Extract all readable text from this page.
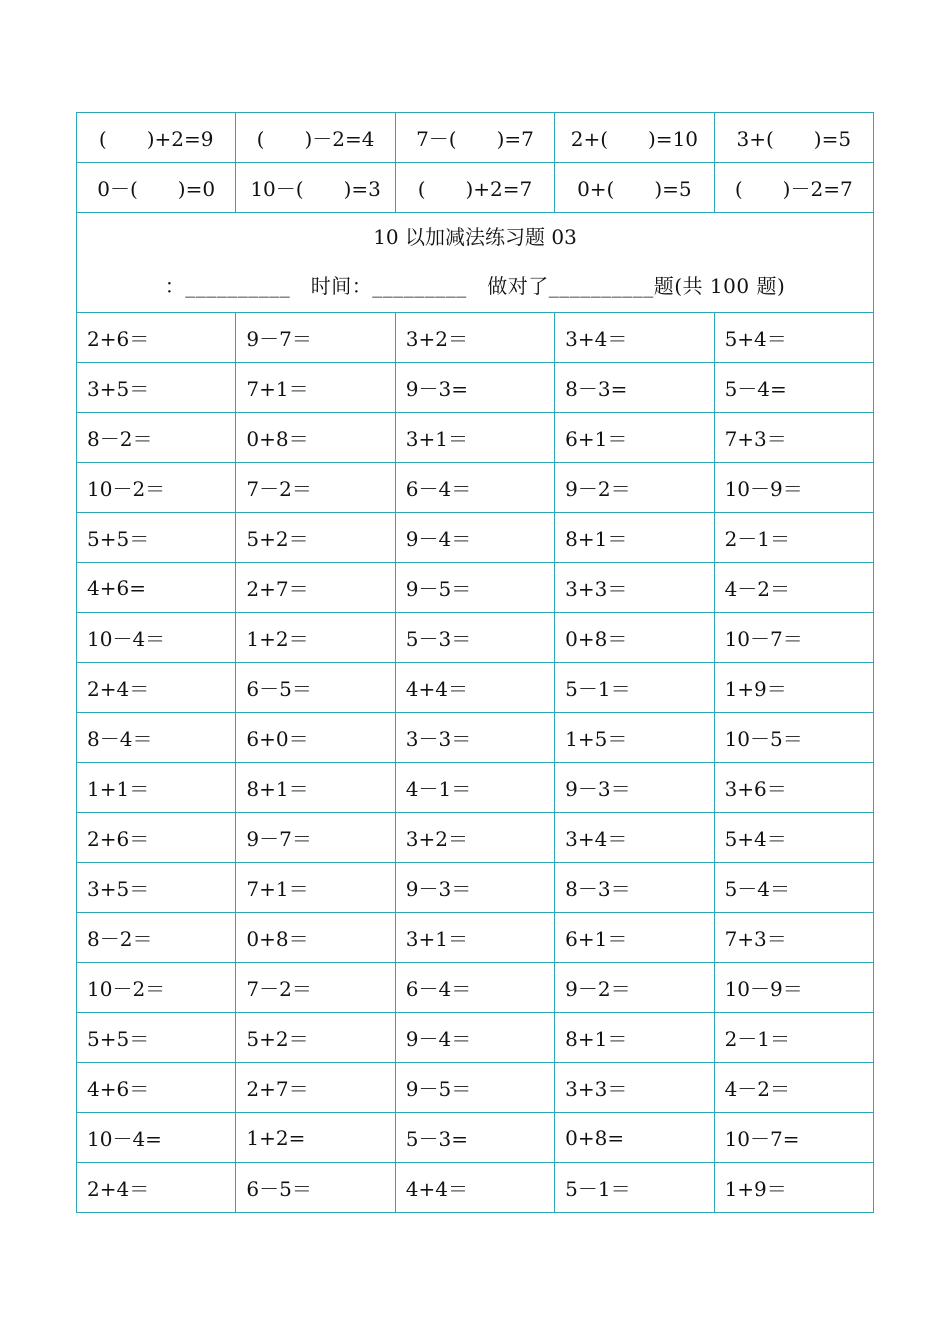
(　　)+2=9	(　　)－2=4	7－(　　)=7	2+(　　)=10	3+(　　)=5
0－(　　)=0	10－(　　)=3	(　　)+2=7	0+(　　)=5	(　　)－2=7

10 以加减法练习题 03
：__________　时间：_________　做对了__________题(共 100 题)				

2+6＝	9－7＝	3+2＝	3+4＝	5+4＝
3+5＝	7+1＝	9－3=	8－3=	5－4=
8－2＝	0+8＝	3+1＝	6+1＝	7+3＝
10－2＝	7－2＝	6－4＝	9－2＝	10－9＝
5+5＝	5+2＝	9－4＝	8+1＝	2－1＝
4+6=	2+7＝	9－5＝	3+3＝	4－2＝
10－4＝	1+2＝	5－3＝	0+8＝	10－7＝
2+4＝	6－5＝	4+4＝	5－1＝	1+9＝
8－4＝	6+0＝	3－3＝	1+5＝	10－5＝
1+1＝	8+1＝	4－1＝	9－3＝	3+6＝
2+6＝	9－7＝	3+2＝	3+4＝	5+4＝
3+5＝	7+1＝	9－3＝	8－3＝	5－4＝
8－2＝	0+8＝	3+1＝	6+1＝	7+3＝
10－2＝	7－2＝	6－4＝	9－2＝	10－9＝
5+5＝	5+2＝	9－4＝	8+1＝	2－1＝
4+6＝	2+7＝	9－5＝	3+3＝	4－2＝
10－4=	1+2=	5－3=	0+8=	10－7=
2+4＝	6－5＝	4+4＝	5－1＝	1+9＝
